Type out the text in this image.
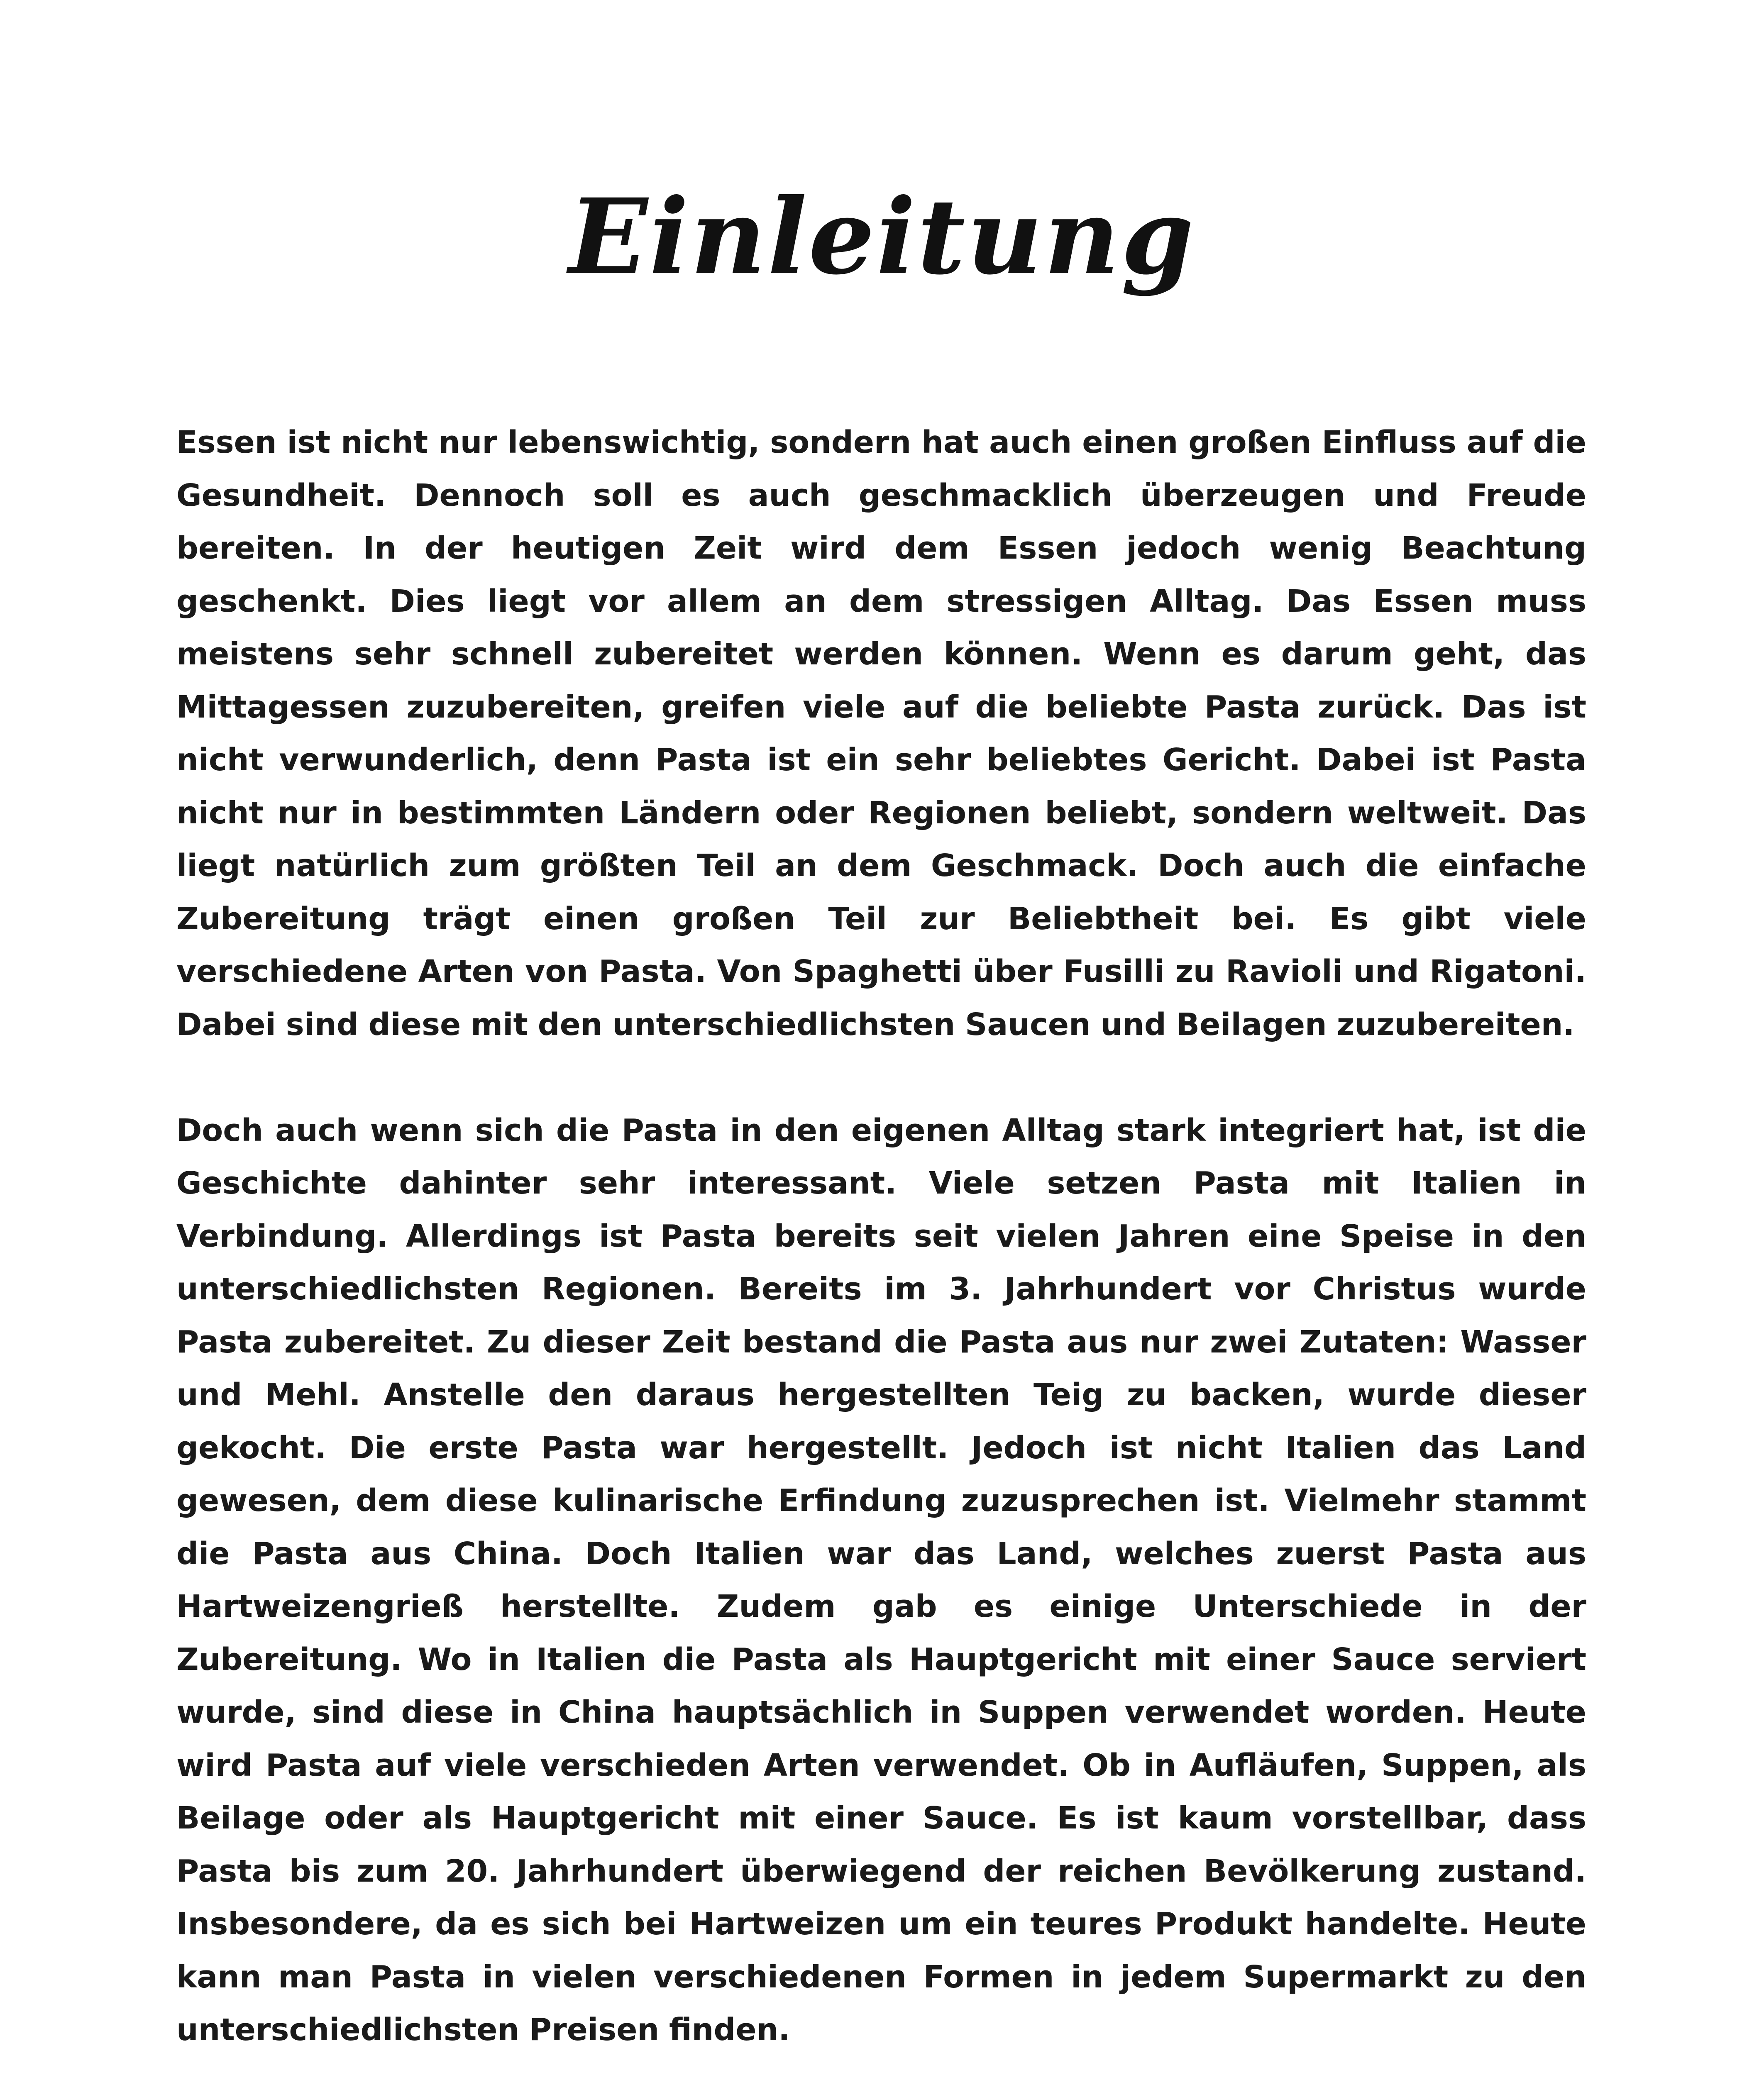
Einleitung

Essen ist nicht nur lebenswichtig, sondern hat auch einen großen Einfluss auf die Gesundheit. Dennoch soll es auch geschmacklich überzeugen und Freude bereiten. In der heutigen Zeit wird dem Essen jedoch wenig Beachtung geschenkt. Dies liegt vor allem an dem stressigen Alltag. Das Essen muss meistens sehr schnell zubereitet werden können. Wenn es darum geht, das Mittagessen zuzubereiten, greifen viele auf die beliebte Pasta zurück. Das ist nicht verwunderlich, denn Pasta ist ein sehr beliebtes Gericht. Dabei ist Pasta nicht nur in bestimmten Ländern oder Regionen beliebt, sondern weltweit. Das liegt natürlich zum größten Teil an dem Geschmack. Doch auch die einfache Zubereitung trägt einen großen Teil zur Beliebtheit bei. Es gibt viele verschiedene Arten von Pasta. Von Spaghetti über Fusilli zu Ravioli und Rigatoni. Dabei sind diese mit den unterschiedlichsten Saucen und Beilagen zuzubereiten.

Doch auch wenn sich die Pasta in den eigenen Alltag stark integriert hat, ist die Geschichte dahinter sehr interessant. Viele setzen Pasta mit Italien in Verbindung. Allerdings ist Pasta bereits seit vielen Jahren eine Speise in den unterschiedlichsten Regionen. Bereits im 3. Jahrhundert vor Christus wurde Pasta zubereitet. Zu dieser Zeit bestand die Pasta aus nur zwei Zutaten: Wasser und Mehl. Anstelle den daraus hergestellten Teig zu backen, wurde dieser gekocht. Die erste Pasta war hergestellt. Jedoch ist nicht Italien das Land gewesen, dem diese kulinarische Erfindung zuzusprechen ist. Vielmehr stammt die Pasta aus China. Doch Italien war das Land, welches zuerst Pasta aus Hartweizengrieß herstellte. Zudem gab es einige Unterschiede in der Zubereitung. Wo in Italien die Pasta als Hauptgericht mit einer Sauce serviert wurde, sind diese in China hauptsächlich in Suppen verwendet worden. Heute wird Pasta auf viele verschieden Arten verwendet. Ob in Aufläufen, Suppen, als Beilage oder als Hauptgericht mit einer Sauce. Es ist kaum vorstellbar, dass Pasta bis zum 20. Jahrhundert überwiegend der reichen Bevölkerung zustand. Insbesondere, da es sich bei Hartweizen um ein teures Produkt handelte. Heute kann man Pasta in vielen verschiedenen Formen in jedem Supermarkt zu den unterschiedlichsten Preisen finden.
